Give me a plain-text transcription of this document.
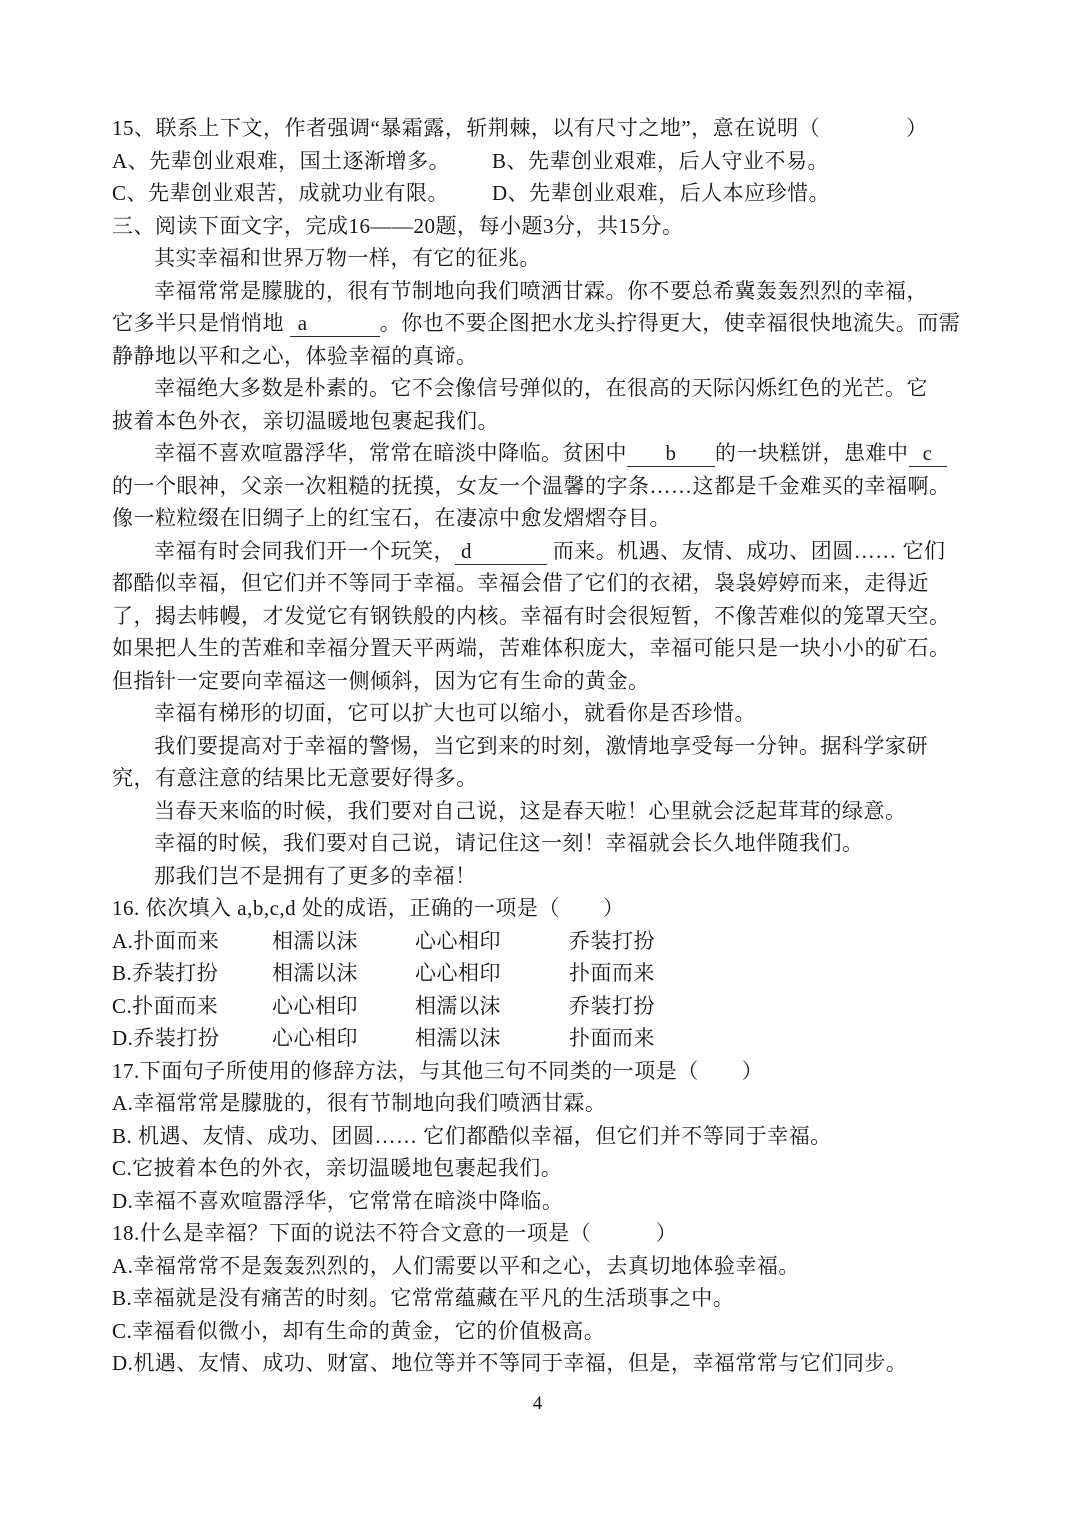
15、联系上下文，作者强调“暴霜露，斩荆棘，以有尺寸之地”，意在说明（　　　　）
A、先辈创业艰难，国土逐渐增多。 B、先辈创业艰难，后人守业不易。
C、先辈创业艰苦，成就功业有限。 D、先辈创业艰难，后人本应珍惜。
三、阅读下面文字，完成16——20题，每小题3分，共15分。
其实幸福和世界万物一样，有它的征兆。
幸福常常是朦胧的，很有节制地向我们喷洒甘霖。你不要总希冀轰轰烈烈的幸福，
它多半只是悄悄地 a	。你也不要企图把水龙头拧得更大，使幸福很快地流失。而需
静静地以平和之心，体验幸福的真谛。
幸福绝大多数是朴素的。它不会像信号弹似的，在很高的天际闪烁红色的光芒。它
披着本色外衣，亲切温暖地包裹起我们。
幸福不喜欢喧嚣浮华，常常在暗淡中降临。贫困中 b 的一块糕饼，患难中 c
的一个眼神，父亲一次粗糙的抚摸，女友一个温馨的字条……这都是千金难买的幸福啊。
像一粒粒缀在旧绸子上的红宝石，在凄凉中愈发熠熠夺目。
幸福有时会同我们开一个玩笑， d	而来。机遇、友情、成功、团圆…… 它们
都酷似幸福，但它们并不等同于幸福。幸福会借了它们的衣裙，袅袅婷婷而来，走得近
了，揭去帏幔，才发觉它有钢铁般的内核。幸福有时会很短暂，不像苦难似的笼罩天空。
如果把人生的苦难和幸福分置天平两端，苦难体积庞大，幸福可能只是一块小小的矿石。
但指针一定要向幸福这一侧倾斜，因为它有生命的黄金。
幸福有梯形的切面，它可以扩大也可以缩小，就看你是否珍惜。
我们要提高对于幸福的警惕，当它到来的时刻，激情地享受每一分钟。据科学家研
究，有意注意的结果比无意要好得多。
当春天来临的时候，我们要对自己说，这是春天啦！心里就会泛起茸茸的绿意。
幸福的时候，我们要对自己说，请记住这一刻！幸福就会长久地伴随我们。
那我们岂不是拥有了更多的幸福！
16. 依次填入 a,b,c,d 处的成语，正确的一项是（　　）
A.扑面而来	相濡以沫	心心相印	乔装打扮
B.乔装打扮	相濡以沫	心心相印	扑面而来
C.扑面而来	心心相印	相濡以沫	乔装打扮
D.乔装打扮	心心相印	相濡以沫	扑面而来
17.下面句子所使用的修辞方法，与其他三句不同类的一项是（　　）
A.幸福常常是朦胧的，很有节制地向我们喷洒甘霖。
B. 机遇、友情、成功、团圆…… 它们都酷似幸福，但它们并不等同于幸福。
C.它披着本色的外衣，亲切温暖地包裹起我们。
D.幸福不喜欢喧嚣浮华，它常常在暗淡中降临。
18.什么是幸福？下面的说法不符合文意的一项是（　　　）
A.幸福常常不是轰轰烈烈的，人们需要以平和之心，去真切地体验幸福。
B.幸福就是没有痛苦的时刻。它常常蕴藏在平凡的生活琐事之中。
C.幸福看似微小，却有生命的黄金，它的价值极高。
D.机遇、友情、成功、财富、地位等并不等同于幸福，但是，幸福常常与它们同步。
4
